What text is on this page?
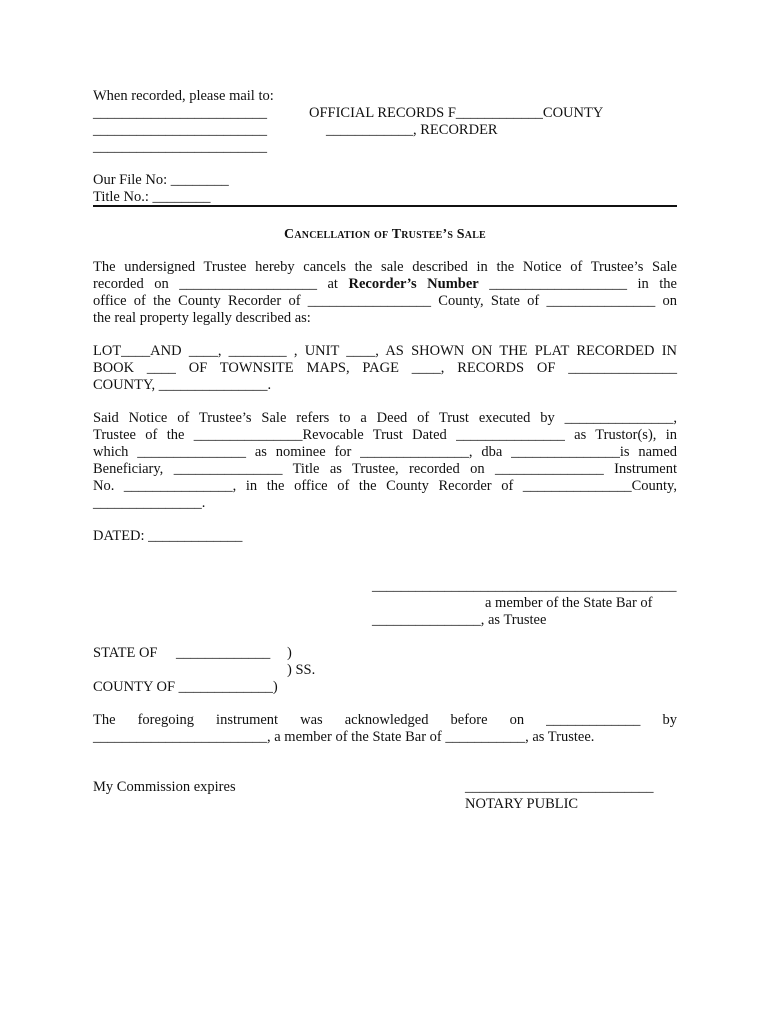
When recorded, please mail to:
________________________
________________________
________________________
OFFICIAL RECORDS F____________COUNTY
____________, RECORDER
Our File No: ________
Title No.: ________
Cancellation of Trustee’s Sale
The undersigned Trustee hereby cancels the sale described in the Notice of Trustee’s Sale
recorded on ___________________ at Recorder’s Number ___________________ in the
office of the County Recorder of _________________ County, State of _______________ on
the real property legally described as:
LOT____AND ____, ________ , UNIT ____, AS SHOWN ON THE PLAT RECORDED IN
BOOK ____ OF TOWNSITE MAPS, PAGE ____, RECORDS OF _______________
COUNTY, _______________.
Said Notice of Trustee’s Sale refers to a Deed of Trust executed by _______________,
Trustee of the _______________Revocable Trust Dated _______________ as Trustor(s), in
which _______________ as nominee for _______________, dba _______________is named
Beneficiary, _______________ Title as Trustee, recorded on _______________ Instrument
No. _______________, in the office of the County Recorder of _______________County,
_______________.
DATED: _____________
__________________________________________
a member of the State Bar of
_______________, as Trustee
STATE OF _____________ )
) SS.
COUNTY OF _____________)
The foregoing instrument was acknowledged before on _____________ by
________________________, a member of the State Bar of ___________, as Trustee.
My Commission expires	__________________________
NOTARY PUBLIC
